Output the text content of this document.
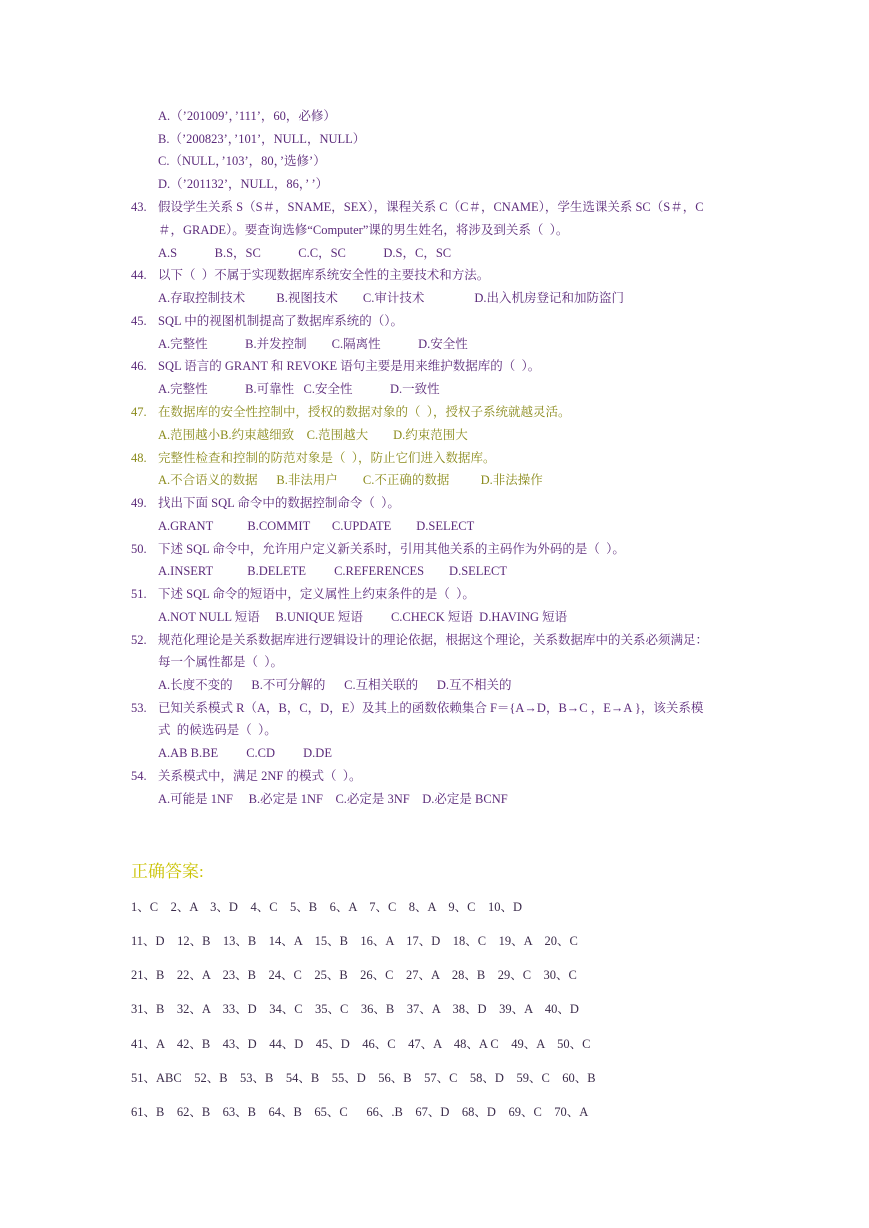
A.（’201009’，’111’，60，必修）
B.（’200823’，’101’，NULL，NULL）
C.（NULL，’103’，80，’选修’）
D.（’201132’，NULL，86，’ ’）
43. 假设学生关系 S（S＃，SNAME，SEX），课程关系 C（C＃，CNAME），学生选课关系 SC（S＃，C
＃，GRADE）。要查询选修“Computer”课的男生姓名，将涉及到关系（  ）。
A.S            B.S，SC            C.C，SC            D.S，C，SC
44. 以下（  ）不属于实现数据库系统安全性的主要技术和方法。
A.存取控制技术          B.视图技术        C.审计技术                D.出入机房登记和加防盗门
45. SQL 中的视图机制提高了数据库系统的（）。
A.完整性            B.并发控制        C.隔离性            D.安全性
46. SQL 语言的 GRANT 和 REVOKE 语句主要是用来维护数据库的（  ）。
A.完整性            B.可靠性   C.安全性            D.一致性
47. 在数据库的安全性控制中，授权的数据对象的（  ），授权子系统就越灵活。
A.范围越小B.约束越细致    C.范围越大        D.约束范围大
48. 完整性检查和控制的防范对象是（  ），防止它们进入数据库。
A.不合语义的数据      B.非法用户        C.不正确的数据          D.非法操作
49. 找出下面 SQL 命令中的数据控制命令（  ）。
A.GRANT           B.COMMIT       C.UPDATE        D.SELECT
50. 下述 SQL 命令中，允许用户定义新关系时，引用其他关系的主码作为外码的是（  ）。
A.INSERT           B.DELETE         C.REFERENCES        D.SELECT
51. 下述 SQL 命令的短语中，定义属性上约束条件的是（  ）。
A.NOT NULL 短语     B.UNIQUE 短语         C.CHECK 短语  D.HAVING 短语
52. 规范化理论是关系数据库进行逻辑设计的理论依据，根据这个理论，关系数据库中的关系必须满足：
每一个属性都是（  ）。
A.长度不变的      B.不可分解的      C.互相关联的      D.互不相关的
53. 已知关系模式 R（A，B，C，D，E）及其上的函数依赖集合 F＝{A→D，B→C ，E→A }，该关系模
式  的候选码是（  ）。
A.AB B.BE         C.CD         D.DE
54. 关系模式中，满足 2NF 的模式（  ）。
A.可能是 1NF     B.必定是 1NF    C.必定是 3NF    D.必定是 BCNF
正确答案:
1、C    2、A    3、D    4、C    5、B    6、A    7、C    8、A    9、C    10、D
11、D    12、B    13、B    14、A    15、B    16、A    17、D    18、C    19、A    20、C
21、B    22、A    23、B    24、C    25、B    26、C    27、A    28、B    29、C    30、C
31、B    32、A    33、D    34、C    35、C    36、B    37、A    38、D    39、A    40、D
41、A    42、B    43、D    44、D    45、D    46、C    47、A    48、A C    49、A    50、C
51、ABC    52、B    53、B    54、B    55、D    56、B    57、C    58、D    59、C    60、B
61、B    62、B    63、B    64、B    65、C      66、.B    67、D    68、D    69、C    70、A
